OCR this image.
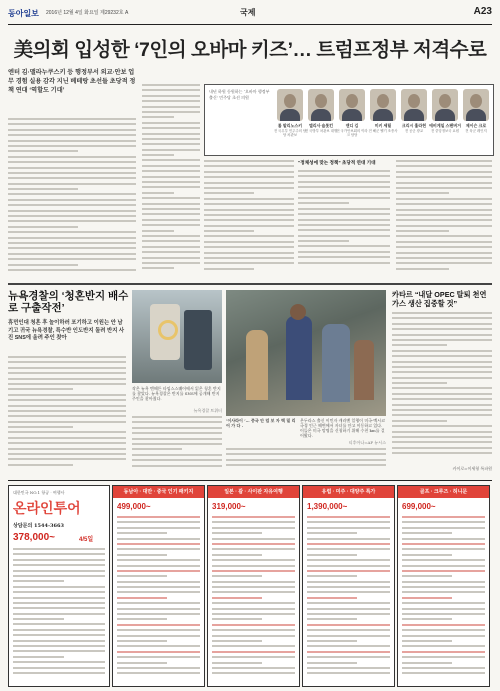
동아일보 2016년 12월 4일 화요일 제29232호 A	국제	A23
美의회 입성한 ‘7인의 오바마 키즈’… 트럼프정부 저격수로
엔터 김·맬라누쿠스키 등 행정부서 외교·안보 업무 경험 실용 감각 지닌 베테랑 초선들 초당적 정책 연대 ‘역할도 기대’
“정체성에 맞는 정책” 초당적 연대 기대
내년 하원 등원하는 ‘오바마 행정부 출신’ 민주당 초선 의원
톰 말리노스키
전 국무부 민주주의 담당 차관보
엘리사 슬롯킨
전 국방부 차관보 대행
앤디 김
전 국가안보회의 이라크 담당
미키 셰릴
전 해군 헬기 조종사
크리시 훌라헌
전 공군 장교
에비게일 스팬버거
전 중앙정보국 요원
제이슨 크로
전 육군 레인저
뉴욕경찰의 ‘청혼반지 배수로 구출작전’
휴먼인대 청혼 후 놀이하러 포기하고 이원는 안 남기고 귀국 뉴욕경찰, 특수반 인도반지 돌려 반지 사진 SNS에 올려 주인 찾아
작은 뉴욕 맨해튼 타임스스퀘어에서 잃은 청혼 반지를 찾았다. 뉴욕경찰은 반지를 SNS에 공개해 반지 주인을 찾아줬다.
뉴욕경찰 트위터
‘이사라이 ’… 중국 안 덥 보 자 텍 밀 리 어 가 다 .
온두라스 출신 이민자 캐러밴 일행이 미국-멕시코 국경 인근 해변에서 자녀를 안고 이동하고 있다. 이들은 미국 망명을 신청하기 위해 수천 km를 걸어왔다.
티후아나=AP 뉴시스
카타르 “내달 OPEC 탈퇴 천연가스 생산 집중할 것”
카이로=이세형 특파원
대한민국 NO.1 항공 · 여행사
온라인투어
상담문의 1544-3663
378,000~	4/5일
동남아 · 대만 · 중국 인기 패키지
499,000~
일본 · 괌 · 사이판 자유여행
319,000~
유럽 · 미주 · 대양주 특가
1,390,000~
골프 · 크루즈 · 허니문
699,000~
